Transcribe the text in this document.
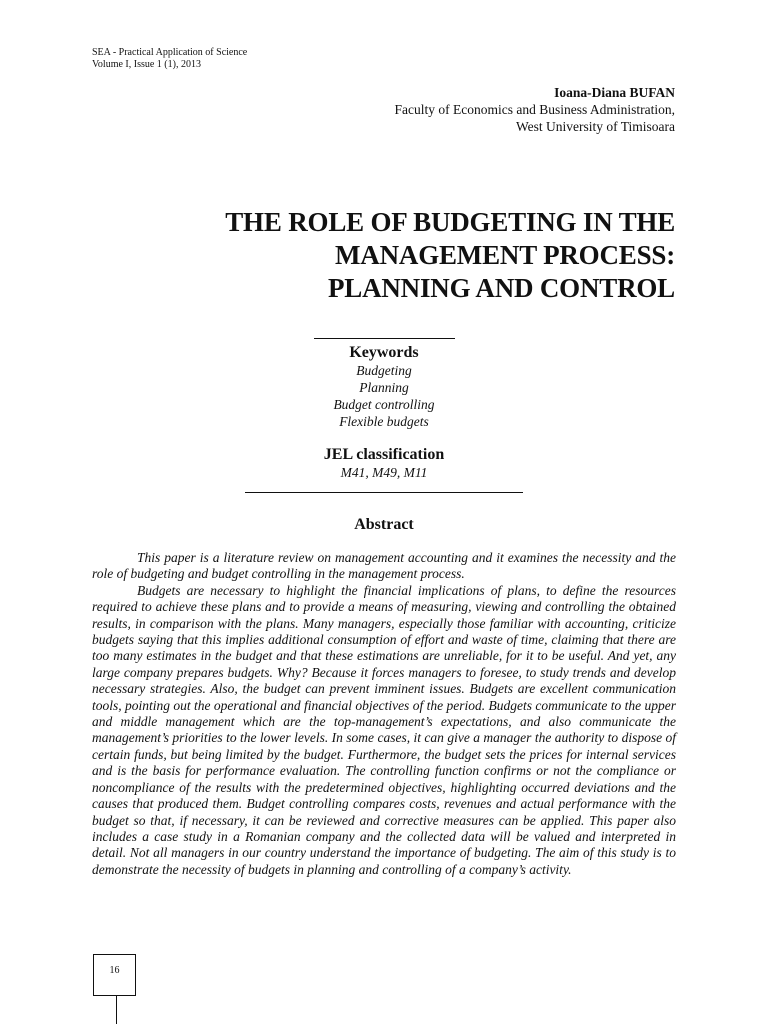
SEA - Practical Application of Science
Volume I, Issue 1 (1), 2013
Ioana-Diana BUFAN
Faculty of Economics and Business Administration,
West University of Timisoara
THE ROLE OF BUDGETING IN THE
MANAGEMENT PROCESS:
PLANNING AND CONTROL
Keywords
Budgeting
Planning
Budget controlling
Flexible budgets
JEL classification
M41, M49, M11
Abstract

This paper is a literature review on management accounting and it examines the necessity and the role of budgeting and budget controlling in the management process.

Budgets are necessary to highlight the financial implications of plans, to define the resources required to achieve these plans and to provide a means of measuring, viewing and controlling the obtained results, in comparison with the plans. Many managers, especially those familiar with accounting, criticize budgets saying that this implies additional consumption of effort and waste of time, claiming that there are too many estimates in the budget and that these estimations are unreliable, for it to be useful. And yet, any large company prepares budgets. Why? Because it forces managers to foresee, to study trends and develop necessary strategies. Also, the budget can prevent imminent issues. Budgets are excellent communication tools, pointing out the operational and financial objectives of the period. Budgets communicate to the upper and middle management which are the top-management’s expectations, and also communicate the management’s priorities to the lower levels. In some cases, it can give a manager the authority to dispose of certain funds, but being limited by the budget. Furthermore, the budget sets the prices for internal services and is the basis for performance evaluation. The controlling function confirms or not the compliance or noncompliance of the results with the predetermined objectives, highlighting occurred deviations and the causes that produced them. Budget controlling compares costs, revenues and actual performance with the budget so that, if necessary, it can be reviewed and corrective measures can be applied. This paper also includes a case study in a Romanian company and the collected data will be valued and interpreted in detail. Not all managers in our country understand the importance of budgeting. The aim of this study is to demonstrate the necessity of budgets in planning and controlling of a company’s activity.

16
